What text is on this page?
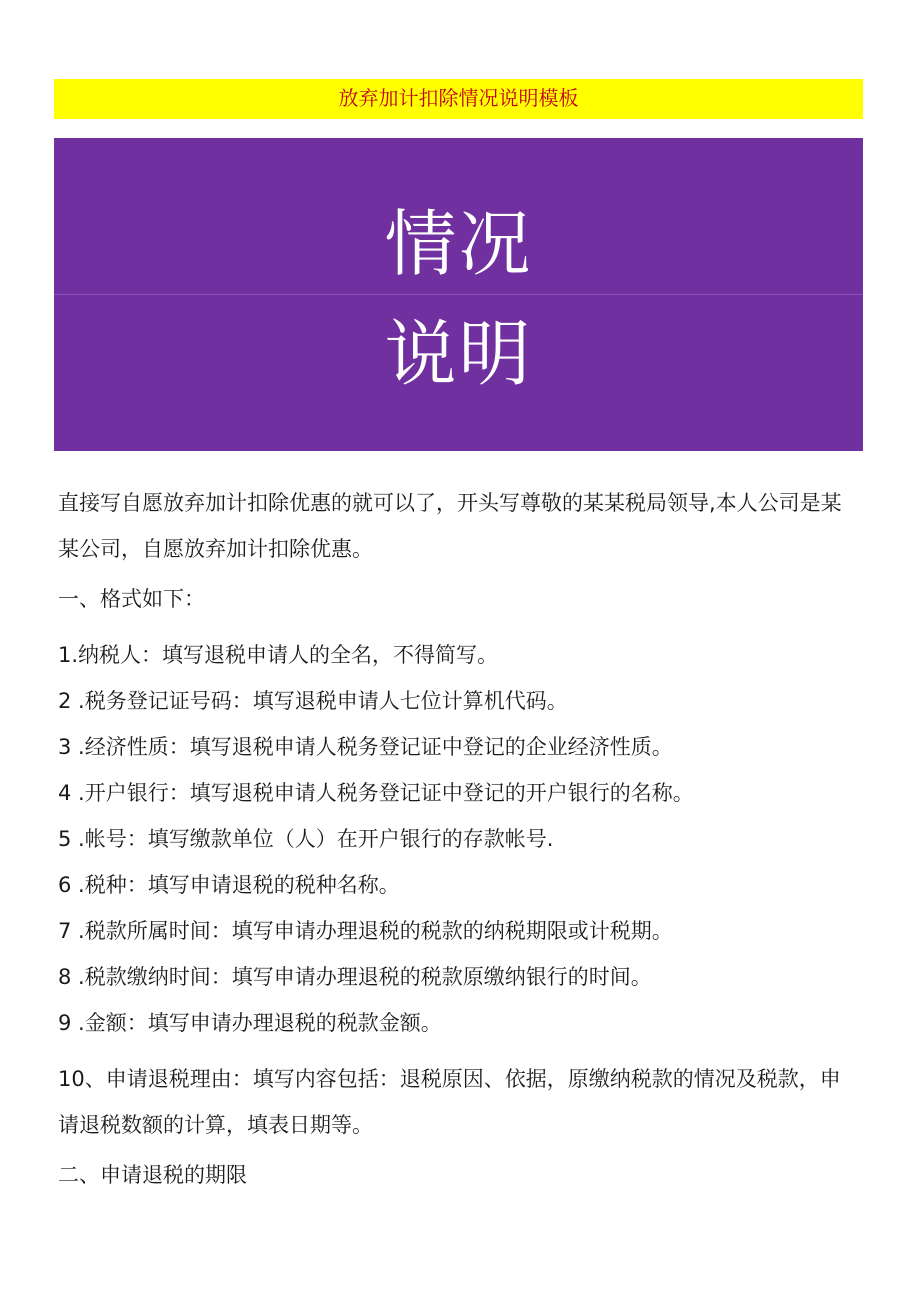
放弃加计扣除情况说明模板
情况
说明

直接写自愿放弃加计扣除优惠的就可以了，开头写尊敬的某某税局领导,本人公司是某某公司，自愿放弃加计扣除优惠。

一、格式如下：

1.纳税人：填写退税申请人的全名，不得简写。

2 .税务登记证号码：填写退税申请人七位计算机代码。

3 .经济性质：填写退税申请人税务登记证中登记的企业经济性质。

4 .开户银行：填写退税申请人税务登记证中登记的开户银行的名称。

5 .帐号：填写缴款单位（人）在开户银行的存款帐号.

6 .税种：填写申请退税的税种名称。

7 .税款所属时间：填写申请办理退税的税款的纳税期限或计税期。

8 .税款缴纳时间：填写申请办理退税的税款原缴纳银行的时间。

9 .金额：填写申请办理退税的税款金额。

10、申请退税理由：填写内容包括：退税原因、依据，原缴纳税款的情况及税款，申请退税数额的计算，填表日期等。

二、申请退税的期限
